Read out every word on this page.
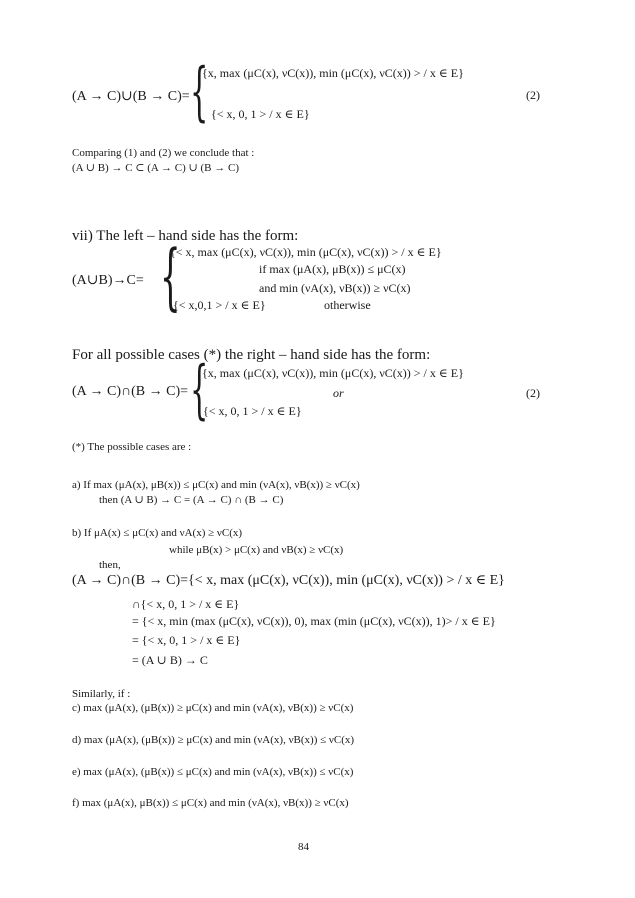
(A → C)∪(B → C)= {
{x, max (μC(x), νC(x)), min (μC(x), νC(x)) > / x ∈ E}
{< x, 0, 1 > / x ∈ E}
(2)
Comparing (1) and (2) we conclude that :
(A ∪ B) → C ⊂ (A → C) ∪ (B → C)
vii) The left – hand side has the form:
(A∪B)→C= {
{< x, max (μC(x), νC(x)), min (μC(x), νC(x)) > / x ∈ E}
if max (μA(x), μB(x)) ≤ μC(x)
and min (νA(x), νB(x)) ≥ νC(x)
{< x,0,1 > / x ∈ E}	otherwise
For all possible cases (*) the right – hand side has the form:
(A → C)∩(B → C)= {
{x, max (μC(x), νC(x)), min (μC(x), νC(x)) > / x ∈ E}
or	(2)
{< x, 0, 1 > / x ∈ E}
(*) The possible cases are :
a) If max (μA(x), μB(x)) ≤ μC(x) and min (νA(x), νB(x)) ≥ νC(x)
then (A ∪ B) → C = (A → C) ∩ (B → C)
b) If μA(x) ≤ μC(x) and νA(x) ≥ νC(x)
while μB(x) > μC(x) and νB(x) ≥ νC(x)
then,
(A → C)∩(B → C)={< x, max (μC(x), νC(x)), min (μC(x), νC(x)) > / x ∈ E}
∩{< x, 0, 1 > / x ∈ E}
= {< x, min (max (μC(x), νC(x)), 0), max (min (μC(x), νC(x)), 1)> / x ∈ E}
= {< x, 0, 1 > / x ∈ E}
= (A ∪ B) → C
Similarly, if :
c) max (μA(x), (μB(x)) ≥ μC(x) and min (νA(x), νB(x)) ≥ νC(x)
d) max (μA(x), (μB(x)) ≥ μC(x) and min (νA(x), νB(x)) ≤ νC(x)
e) max (μA(x), (μB(x)) ≤ μC(x) and min (νA(x), νB(x)) ≤ νC(x)
f) max (μA(x), μB(x)) ≤ μC(x) and min (νA(x), νB(x)) ≥ νC(x)
84
